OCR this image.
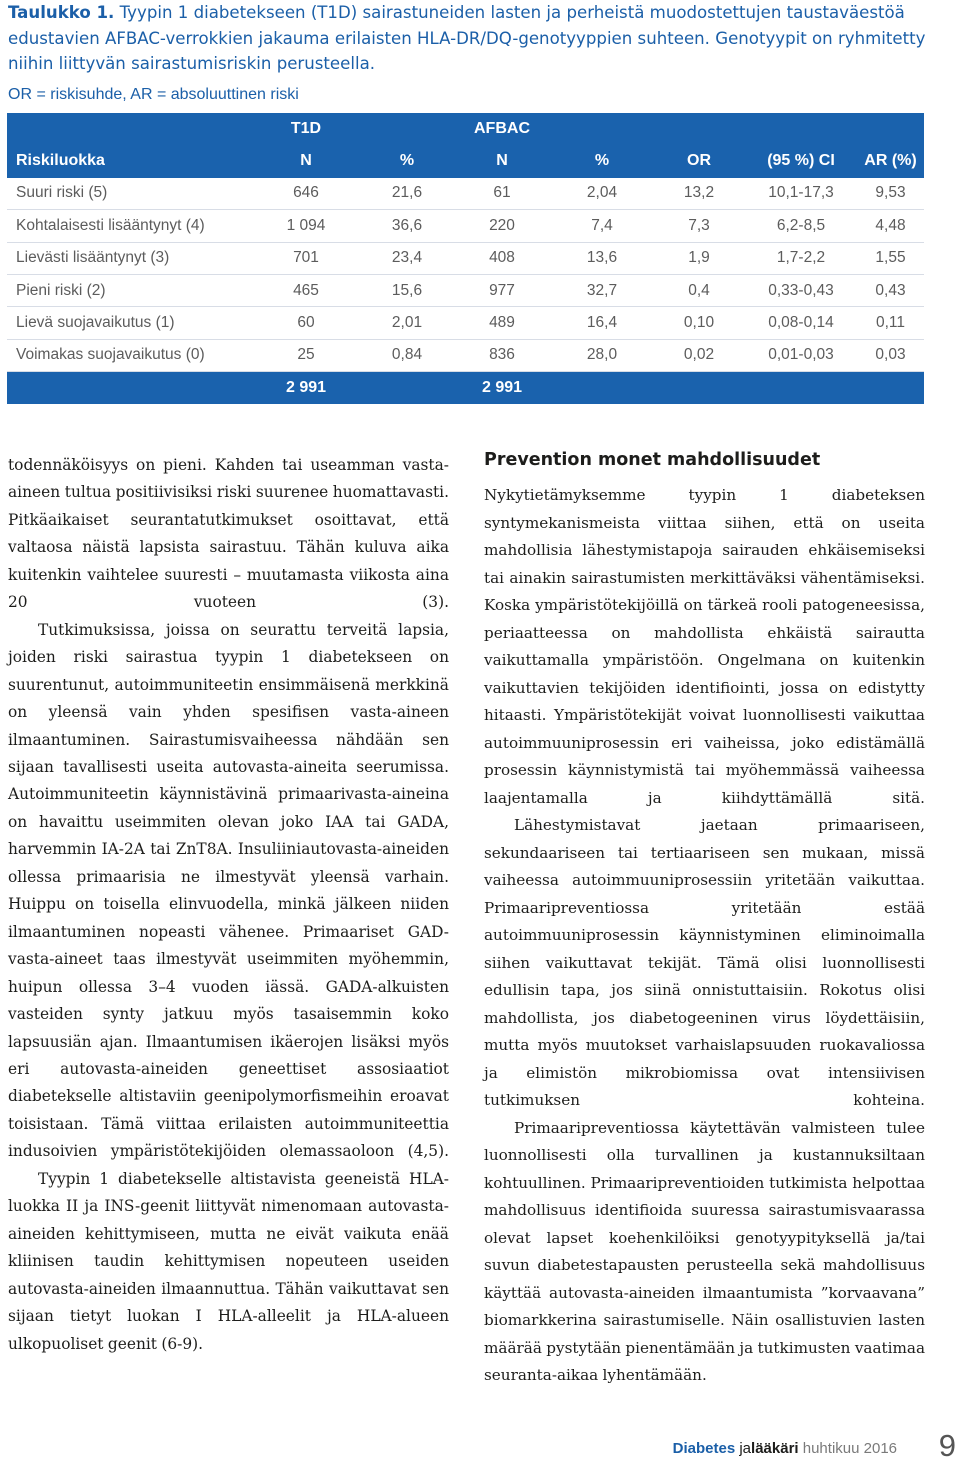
Taulukko 1. Tyypin 1 diabetekseen (T1D) sairastuneiden lasten ja perheistä muodostettujen taustaväestöä edustavien AFBAC-verrokkien jakauma erilaisten HLA-DR/DQ-genotyyppien suhteen. Genotyypit on ryhmitetty niihin liittyvän sairastumisriskin perusteella.
OR = riskisuhde, AR = absoluuttinen riski
	T1D		AFBAC				
Riskiluokka	N	%	N	%	OR	(95 %) CI	AR (%)
Suuri riski (5)	646	21,6	61	2,04	13,2	10,1-17,3	9,53
Kohtalaisesti lisääntynyt (4)	1 094	36,6	220	7,4	7,3	6,2-8,5	4,48
Lievästi lisääntynyt (3)	701	23,4	408	13,6	1,9	1,7-2,2	1,55
Pieni riski (2)	465	15,6	977	32,7	0,4	0,33-0,43	0,43
Lievä suojavaikutus (1)	60	2,01	489	16,4	0,10	0,08-0,14	0,11
Voimakas suojavaikutus (0)	25	0,84	836	28,0	0,02	0,01-0,03	0,03
	2 991		2 991				

todennäköisyys on pieni. Kahden tai useamman vasta-aineen tultua positiivisiksi riski suurenee huomattavasti. Pitkäaikaiset seurantatutkimukset osoittavat, että valtaosa näistä lapsista sairastuu. Tähän kuluva aika kuitenkin vaihtelee suuresti – muutamasta viikosta aina 20 vuoteen (3).

Tutkimuksissa, joissa on seurattu terveitä lapsia, joiden riski sairastua tyypin 1 diabetekseen on suurentunut, autoimmuniteetin ensimmäisenä merkkinä on yleensä vain yhden spesifisen vasta-aineen ilmaantuminen. Sairastumisvaiheessa nähdään sen sijaan tavallisesti useita autovasta-aineita seerumissa. Autoimmuniteetin käynnistävinä primaarivasta-aineina on havaittu useimmiten olevan joko IAA tai GADA, harvemmin IA-2A tai ZnT8A. Insuliiniautovasta-aineiden ollessa primaarisia ne ilmestyvät yleensä varhain. Huippu on toisella elinvuodella, minkä jälkeen niiden ilmaantuminen nopeasti vähenee. Primaariset GAD-vasta-aineet taas ilmestyvät useimmiten myöhemmin, huipun ollessa 3–4 vuoden iässä. GADA-alkuisten vasteiden synty jatkuu myös tasaisemmin koko lapsuusiän ajan. Ilmaantumisen ikäerojen lisäksi myös eri autovasta-aineiden geneettiset assosiaatiot diabetekselle altistaviin geenipolymorfismeihin eroavat toisistaan. Tämä viittaa erilaisten autoimmuniteettia indusoivien ympäristötekijöiden olemassaoloon (4,5).

Tyypin 1 diabetekselle altistavista geeneistä HLA-luokka II ja INS-geenit liittyvät nimenomaan autovasta-aineiden kehittymiseen, mutta ne eivät vaikuta enää kliinisen taudin kehittymisen nopeuteen useiden autovasta-aineiden ilmaannuttua. Tähän vaikuttavat sen sijaan tietyt luokan I HLA-alleelit ja HLA-alueen ulkopuoliset geenit (6-9).

Prevention monet mahdollisuudet

Nykytietämyksemme tyypin 1 diabeteksen syntymekanismeista viittaa siihen, että on useita mahdollisia lähestymistapoja sairauden ehkäisemiseksi tai ainakin sairastumisten merkittäväksi vähentämiseksi. Koska ympäristötekijöillä on tärkeä rooli patogeneesissa, periaatteessa on mahdollista ehkäistä sairautta vaikuttamalla ympäristöön. Ongelmana on kuitenkin vaikuttavien tekijöiden identifiointi, jossa on edistytty hitaasti. Ympäristötekijät voivat luonnollisesti vaikuttaa autoimmuuniprosessin eri vaiheissa, joko edistämällä prosessin käynnistymistä tai myöhemmässä vaiheessa laajentamalla ja kiihdyttämällä sitä.

Lähestymistavat jaetaan primaariseen, sekundaariseen tai tertiaariseen sen mukaan, missä vaiheessa autoimmuuniprosessiin yritetään vaikuttaa. Primaaripreventiossa yritetään estää autoimmuuniprosessin käynnistyminen eliminoimalla siihen vaikuttavat tekijät. Tämä olisi luonnollisesti edullisin tapa, jos siinä onnistuttaisiin. Rokotus olisi mahdollista, jos diabetogeeninen virus löydettäisiin, mutta myös muutokset varhaislapsuuden ruokavaliossa ja elimistön mikrobiomissa ovat intensiivisen tutkimuksen kohteina.

Primaaripreventiossa käytettävän valmisteen tulee luonnollisesti olla turvallinen ja kustannuksiltaan kohtuullinen. Primaaripreventioiden tutkimista helpottaa mahdollisuus identifioida suuressa sairastumisvaarassa olevat lapset koehenkilöiksi genotyypityksellä ja/tai suvun diabetestapausten perusteella sekä mahdollisuus käyttää autovasta-aineiden ilmaantumista ”korvaavana” biomarkkerina sairastumiselle. Näin osallistuvien lasten määrää pystytään pienentämään ja tutkimusten vaatimaa seuranta-aikaa lyhentämään.

Diabetes jalääkäri huhtikuu 2016 9
